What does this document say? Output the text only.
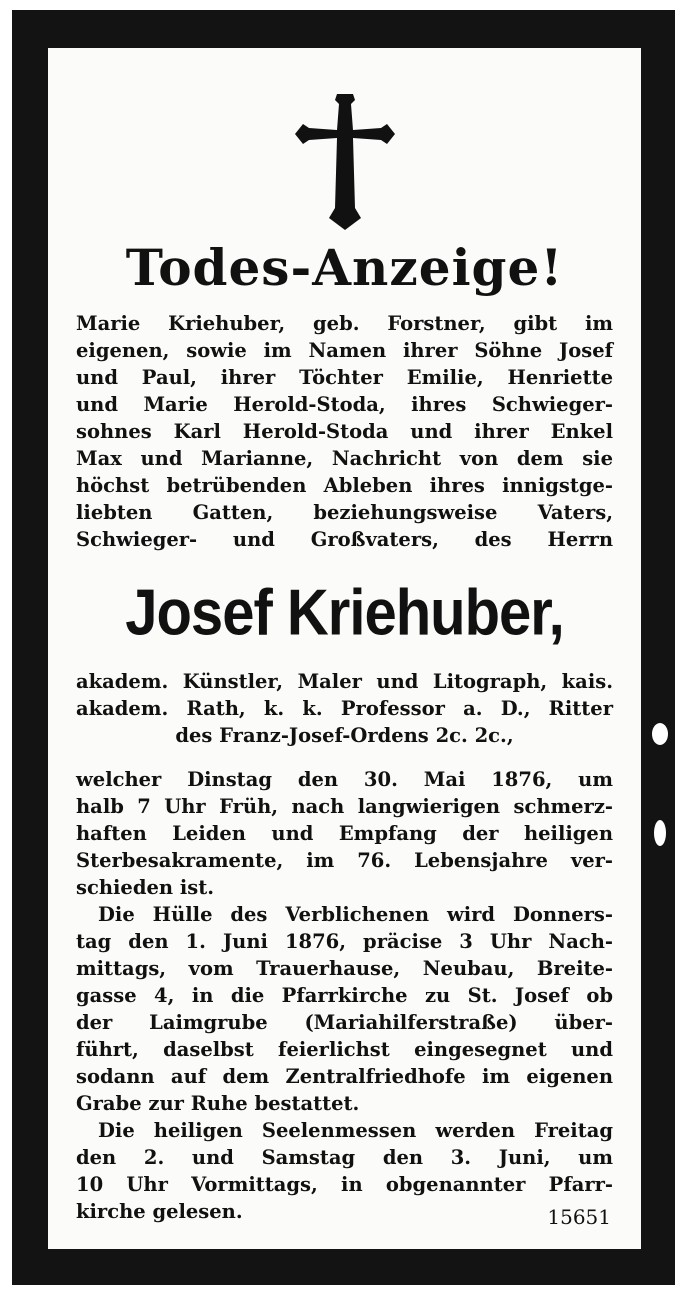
Todes-Anzeige!
Marie Kriehuber, geb. Forstner, gibt im
eigenen, sowie im Namen ihrer Söhne Josef
und Paul, ihrer Töchter Emilie, Henriette
und Marie Herold-Stoda, ihres Schwieger-
sohnes Karl Herold-Stoda und ihrer Enkel
Max und Marianne, Nachricht von dem sie
höchst betrübenden Ableben ihres innigstge-
liebten Gatten, beziehungsweise Vaters,
Schwieger- und Großvaters, des Herrn
Josef Kriehuber,
akadem. Künstler, Maler und Litograph, kais.
akadem. Rath, k. k. Professor a. D., Ritter
des Franz-Josef-Ordens 2c. 2c.,
welcher Dinstag den 30. Mai 1876, um
halb 7 Uhr Früh, nach langwierigen schmerz-
haften Leiden und Empfang der heiligen
Sterbesakramente, im 76. Lebensjahre ver-
schieden ist.
Die Hülle des Verblichenen wird Donners-
tag den 1. Juni 1876, präcise 3 Uhr Nach-
mittags, vom Trauerhause, Neubau, Breite-
gasse 4, in die Pfarrkirche zu St. Josef ob
der Laimgrube (Mariahilferstraße) über-
führt, daselbst feierlichst eingesegnet und
sodann auf dem Zentralfriedhofe im eigenen
Grabe zur Ruhe bestattet.
Die heiligen Seelenmessen werden Freitag
den 2. und Samstag den 3. Juni, um
10 Uhr Vormittags, in obgenannter Pfarr-
kirche gelesen.	15651
